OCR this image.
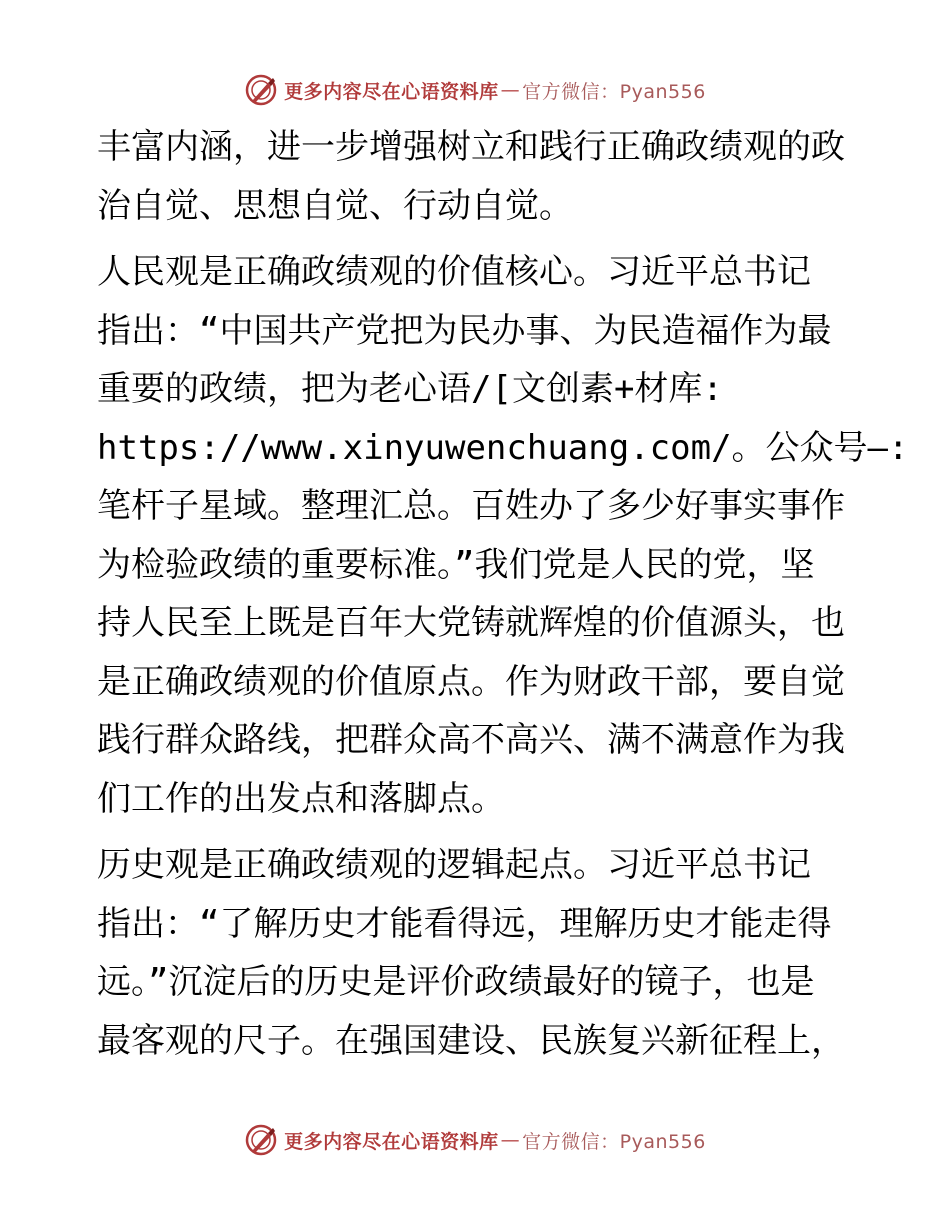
更多内容尽在心语资料库 — 官方微信：Pyan556

丰富内涵，进一步增强树立和践行正确政绩观的政
治自觉、思想自觉、行动自觉。

人民观是正确政绩观的价值核心。习近平总书记
指出：“中国共产党把为民办事、为民造福作为最
重要的政绩，把为老心语/[文创素+材库:
https://www.xinyuwenchuang.com/。公众号—:
笔杆子星域。整理汇总。百姓办了多少好事实事作
为检验政绩的重要标准。”我们党是人民的党，坚
持人民至上既是百年大党铸就辉煌的价值源头，也
是正确政绩观的价值原点。作为财政干部，要自觉
践行群众路线，把群众高不高兴、满不满意作为我
们工作的出发点和落脚点。

历史观是正确政绩观的逻辑起点。习近平总书记
指出：“了解历史才能看得远，理解历史才能走得
远。”沉淀后的历史是评价政绩最好的镜子，也是
最客观的尺子。在强国建设、民族复兴新征程上，

更多内容尽在心语资料库 — 官方微信：Pyan556
